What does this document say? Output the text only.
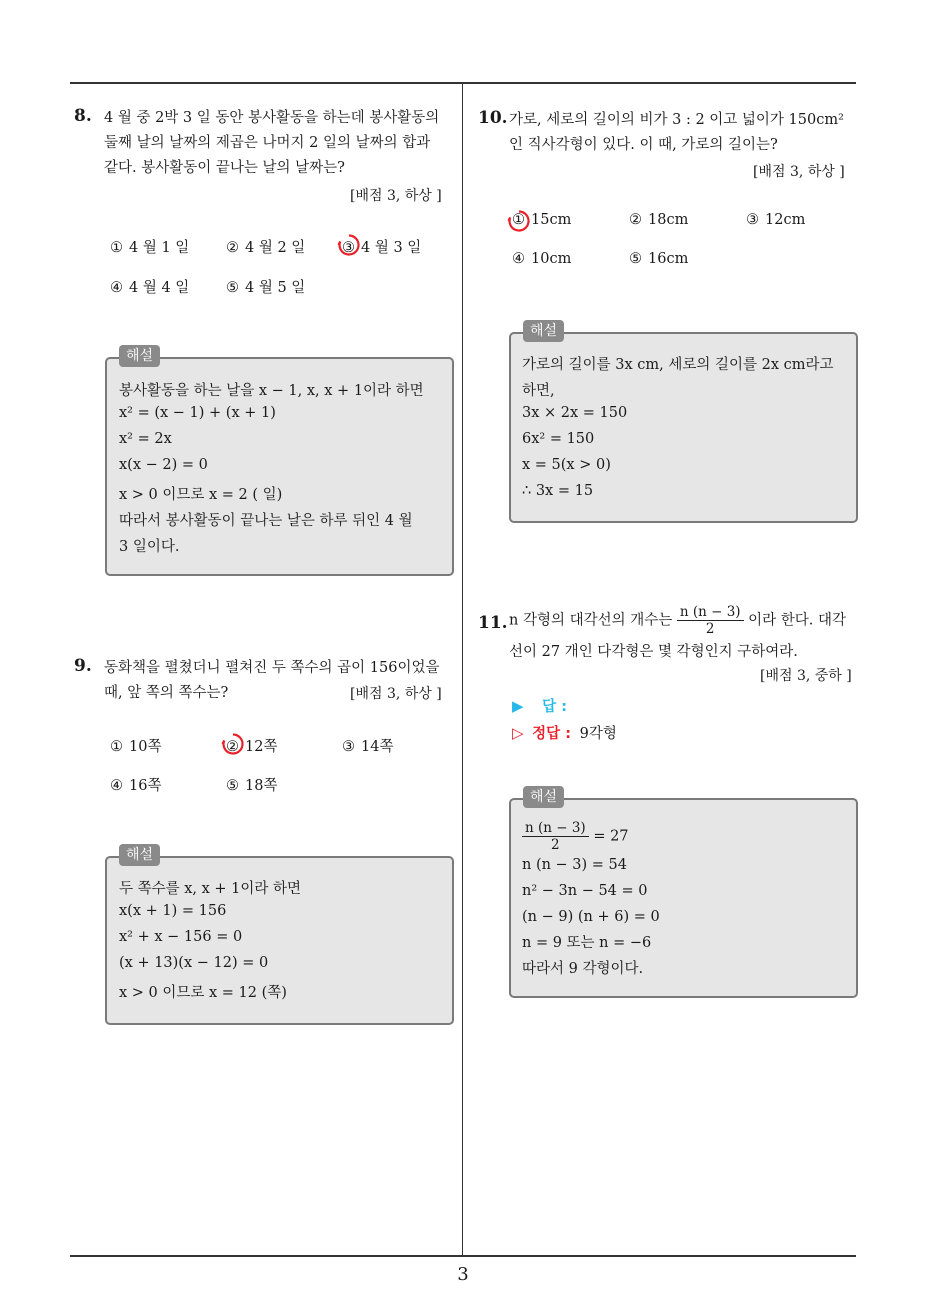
8. 4 월 중 2박 3 일 동안 봉사활동을 하는데 봉사활동의
둘째 날의 날짜의 제곱은 나머지 2 일의 날짜의 합과
같다. 봉사활동이 끝나는 날의 날짜는?
[배점 3, 하상 ]
① 4 월 1 일	② 4 월 2 일	③ 4 월 3 일
④ 4 월 4 일	⑤ 4 월 5 일
해설
봉사활동을 하는 날을 x − 1, x, x + 1이라 하면
x² = (x − 1) + (x + 1)
x² = 2x
x(x − 2) = 0
x > 0 이므로 x = 2 ( 일)
따라서 봉사활동이 끝나는 날은 하루 뒤인 4 월
3 일이다.
9. 동화책을 펼쳤더니 펼쳐진 두 쪽수의 곱이 156이었을
때, 앞 쪽의 쪽수는?	[배점 3, 하상 ]
① 10쪽	② 12쪽	③ 14쪽
④ 16쪽	⑤ 18쪽
해설
두 쪽수를 x, x + 1이라 하면
x(x + 1) = 156
x² + x − 156 = 0
(x + 13)(x − 12) = 0
x > 0 이므로 x = 12 (쪽)
10. 가로, 세로의 길이의 비가 3 : 2 이고 넓이가 150cm²
인 직사각형이 있다. 이 때, 가로의 길이는?
[배점 3, 하상 ]
① 15cm	② 18cm	③ 12cm
④ 10cm	⑤ 16cm
해설
가로의 길이를 3x cm, 세로의 길이를 2x cm라고
하면,
3x × 2x = 150
6x² = 150
x = 5(x > 0)
∴ 3x = 15
11. n 각형의 대각선의 개수는 $\frac{n (n - 3)}{2}$ 이라 한다. 대각
선이 27 개인 다각형은 몇 각형인지 구하여라.
[배점 3, 중하 ]
▶ 답 :
▷ 정답 : 9각형
해설
$\frac{n (n - 3)}{2} = 27$
n (n − 3) = 54
n² − 3n − 54 = 0
(n − 9) (n + 6) = 0
n = 9 또는 n = −6
따라서 9 각형이다.
3
